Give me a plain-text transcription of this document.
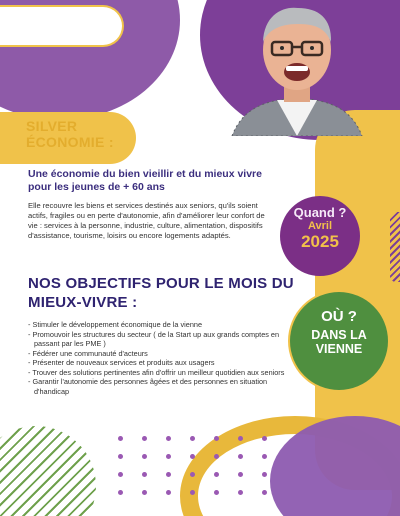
SILVER ÉCONOMIE :

Une économie du bien vieillir et du mieux vivre pour les jeunes de + 60 ans

Elle recouvre les biens et services destinés aux seniors, qu'ils soient actifs, fragiles ou en perte d'autonomie, afin d'améliorer leur confort de vie : services à la personne, industrie, culture, alimentation, dispositifs d'assistance, tourisme, loisirs ou encore logements adaptés.

NOS OBJECTIFS POUR LE MOIS DU MIEUX-VIVRE :
- Stimuler le développement économique de la vienne
- Promouvoir les structures du secteur ( de la Start up aux grands comptes en passant par les PME )
- Fédérer une communauté d'acteurs
- Présenter de nouveaux services et produits aux usagers
- Trouver des solutions pertinentes afin d'offrir un meilleur quotidien aux seniors
- Garantir l'autonomie des personnes âgées et des personnes en situation d'handicap
Quand ?
Avril
2025
OÙ ?
DANS LA VIENNE
